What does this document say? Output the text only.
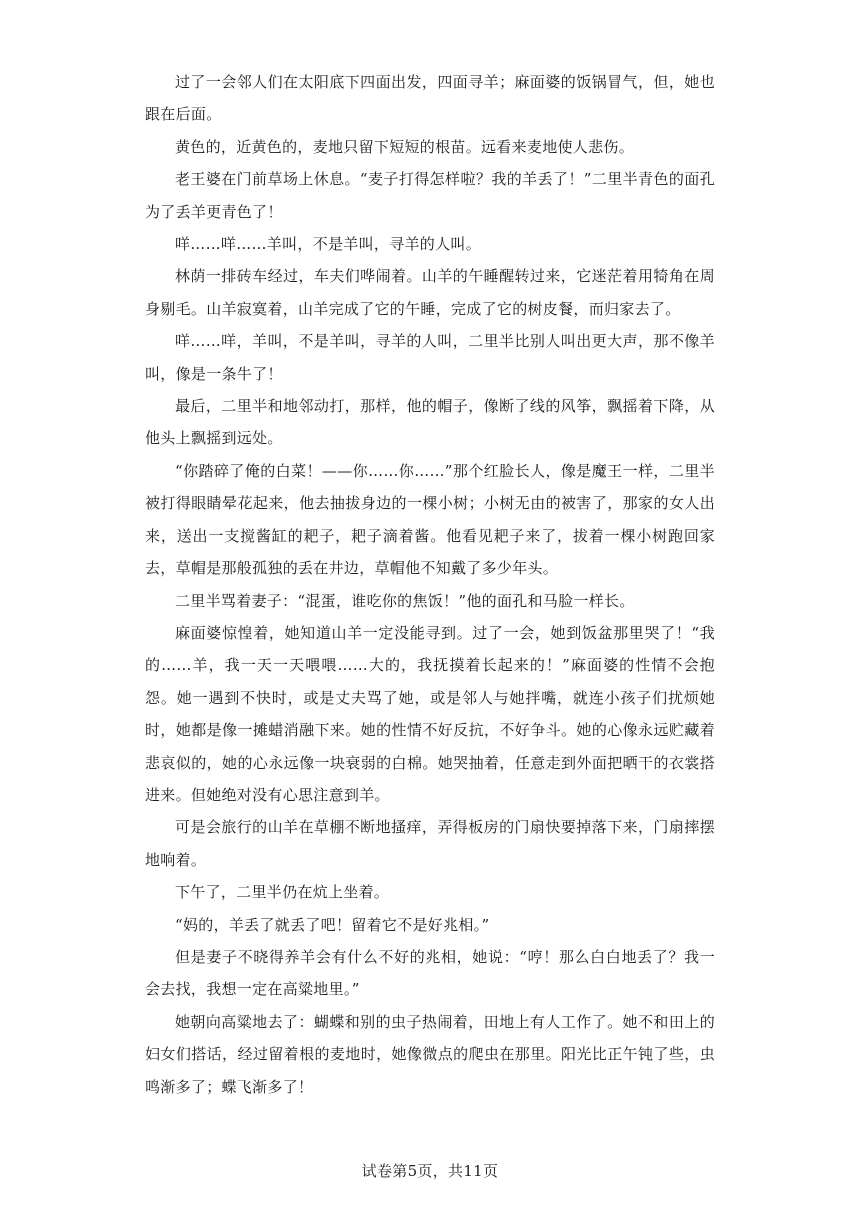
过了一会邻人们在太阳底下四面出发，四面寻羊；麻面婆的饭锅冒气，但，她也跟在后面。

黄色的，近黄色的，麦地只留下短短的根苗。远看来麦地使人悲伤。

老王婆在门前草场上休息。“麦子打得怎样啦？我的羊丢了！”二里半青色的面孔为了丢羊更青色了！

咩……咩……羊叫，不是羊叫，寻羊的人叫。

林荫一排砖车经过，车夫们哗闹着。山羊的午睡醒转过来，它迷茫着用犄角在周身剔毛。山羊寂寞着，山羊完成了它的午睡，完成了它的树皮餐，而归家去了。

咩……咩，羊叫，不是羊叫，寻羊的人叫，二里半比别人叫出更大声，那不像羊叫，像是一条牛了！

最后，二里半和地邻动打，那样，他的帽子，像断了线的风筝，飘摇着下降，从他头上飘摇到远处。

“你踏碎了俺的白菜！——你……你……”那个红脸长人，像是魔王一样，二里半被打得眼睛晕花起来，他去抽拔身边的一棵小树；小树无由的被害了，那家的女人出来，送出一支搅酱缸的耙子，耙子滴着酱。他看见耙子来了，拔着一棵小树跑回家去，草帽是那般孤独的丢在井边，草帽他不知戴了多少年头。

二里半骂着妻子：“混蛋，谁吃你的焦饭！”他的面孔和马脸一样长。

麻面婆惊惶着，她知道山羊一定没能寻到。过了一会，她到饭盆那里哭了！“我的……羊，我一天一天喂喂……大的，我抚摸着长起来的！”麻面婆的性情不会抱怨。她一遇到不快时，或是丈夫骂了她，或是邻人与她拌嘴，就连小孩子们扰烦她时，她都是像一摊蜡消融下来。她的性情不好反抗，不好争斗。她的心像永远贮藏着悲哀似的，她的心永远像一块衰弱的白棉。她哭抽着，任意走到外面把晒干的衣裳搭进来。但她绝对没有心思注意到羊。

可是会旅行的山羊在草棚不断地搔痒，弄得板房的门扇快要掉落下来，门扇摔摆地响着。

下午了，二里半仍在炕上坐着。

“妈的，羊丢了就丢了吧！留着它不是好兆相。”

但是妻子不晓得养羊会有什么不好的兆相，她说：“哼！那么白白地丢了？我一会去找，我想一定在高粱地里。”

她朝向高粱地去了：蝴蝶和别的虫子热闹着，田地上有人工作了。她不和田上的妇女们搭话，经过留着根的麦地时，她像微点的爬虫在那里。阳光比正午钝了些，虫鸣渐多了；蝶飞渐多了！

试卷第5页，共11页
